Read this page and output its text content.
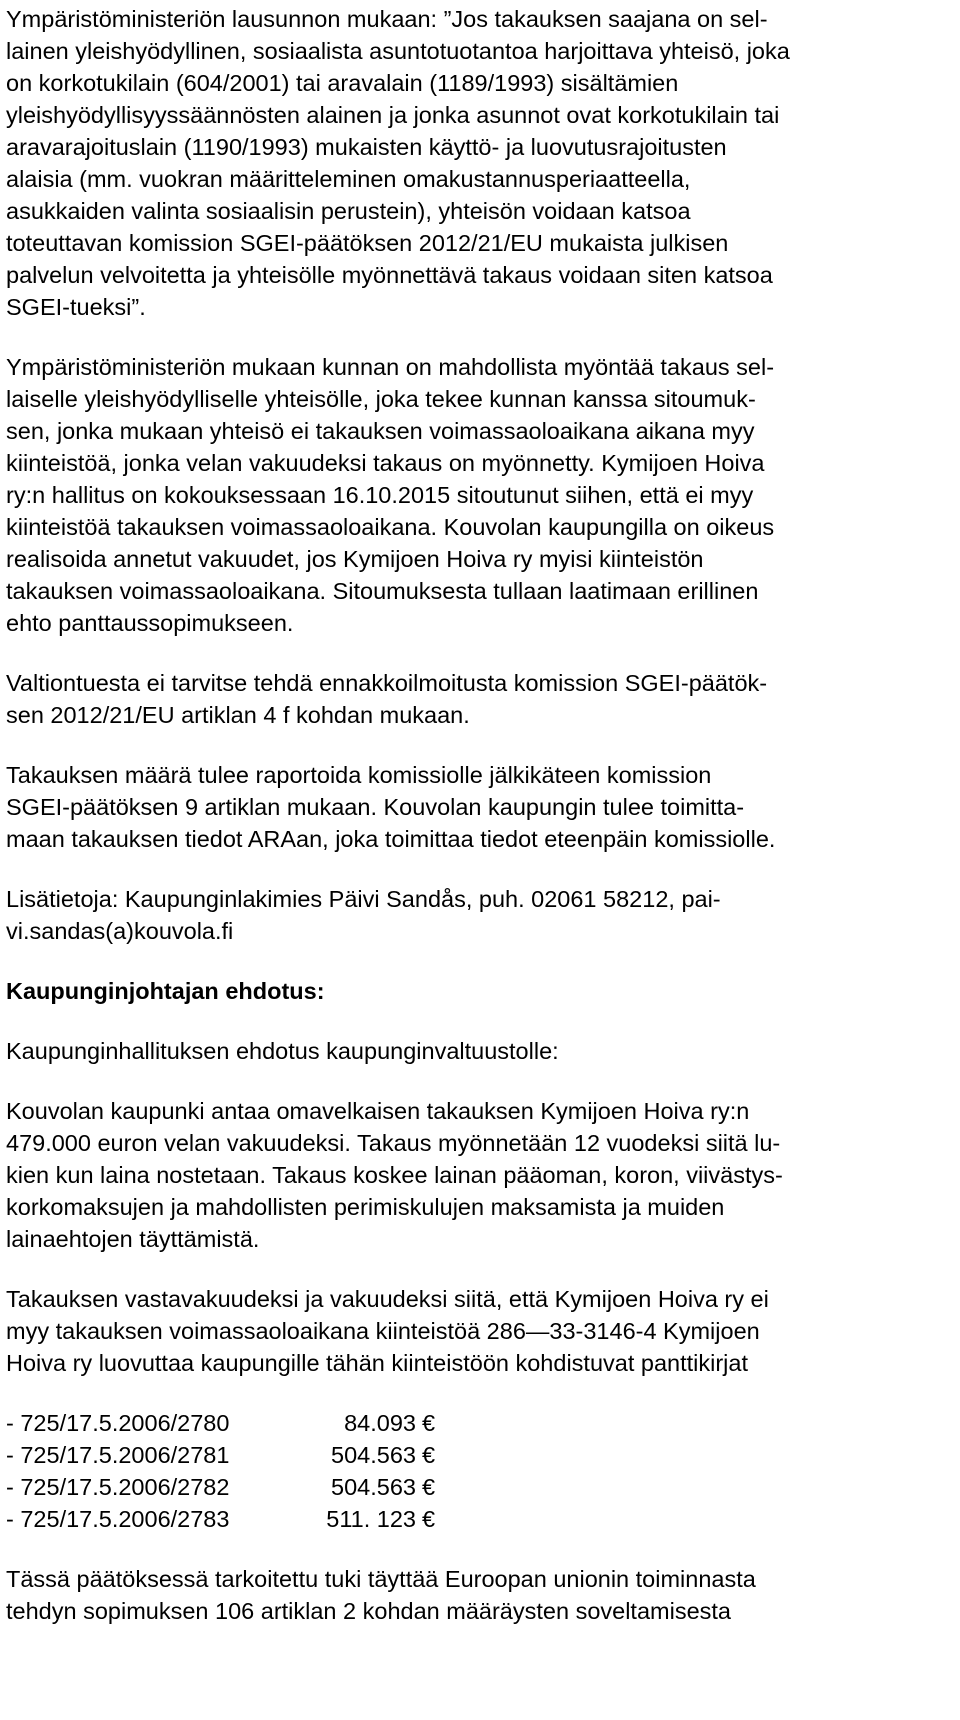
Ympäristöministeriön lausunnon mukaan: ”Jos takauksen saajana on sel-
lainen yleishyödyllinen, sosiaalista asuntotuotantoa harjoittava yhteisö, joka
on korkotukilain (604/2001) tai aravalain (1189/1993) sisältämien
yleishyödyllisyyssäännösten alainen ja jonka asunnot ovat korkotukilain tai
aravarajoituslain (1190/1993) mukaisten käyttö- ja luovutusrajoitusten
alaisia (mm. vuokran määritteleminen omakustannusperiaatteella,
asukkaiden valinta sosiaalisin perustein), yhteisön voidaan katsoa
toteuttavan komission SGEI-päätöksen 2012/21/EU mukaista julkisen
palvelun velvoitetta ja yhteisölle myönnettävä takaus voidaan siten katsoa
SGEI-tueksi”.
Ympäristöministeriön mukaan kunnan on mahdollista myöntää takaus sel-
laiselle yleishyödylliselle yhteisölle, joka tekee kunnan kanssa sitoumuk-
sen, jonka mukaan yhteisö ei takauksen voimassaoloaikana aikana myy
kiinteistöä, jonka velan vakuudeksi takaus on myönnetty. Kymijoen Hoiva
ry:n hallitus on kokouksessaan 16.10.2015 sitoutunut siihen, että ei myy
kiinteistöä takauksen voimassaoloaikana. Kouvolan kaupungilla on oikeus
realisoida annetut vakuudet, jos Kymijoen Hoiva ry myisi kiinteistön
takauksen voimassaoloaikana. Sitoumuksesta tullaan laatimaan erillinen
ehto panttaussopimukseen.
Valtiontuesta ei tarvitse tehdä ennakkoilmoitusta komission SGEI-päätök-
sen 2012/21/EU artiklan 4 f kohdan mukaan.
Takauksen määrä tulee raportoida komissiolle jälkikäteen komission
SGEI-päätöksen 9 artiklan mukaan. Kouvolan kaupungin tulee toimitta-
maan takauksen tiedot ARAan, joka toimittaa tiedot eteenpäin komissiolle.
Lisätietoja: Kaupunginlakimies Päivi Sandås, puh. 02061 58212, pai-
vi.sandas(a)kouvola.fi
Kaupunginjohtajan ehdotus:
Kaupunginhallituksen ehdotus kaupunginvaltuustolle:
Kouvolan kaupunki antaa omavelkaisen takauksen Kymijoen Hoiva ry:n
479.000 euron velan vakuudeksi. Takaus myönnetään 12 vuodeksi siitä lu-
kien kun laina nostetaan. Takaus koskee lainan pääoman, koron, viivästys-
korkomaksujen ja mahdollisten perimiskulujen maksamista ja muiden
lainaehtojen täyttämistä.
Takauksen vastavakuudeksi ja vakuudeksi siitä, että Kymijoen Hoiva ry ei
myy takauksen voimassaoloaikana kiinteistöä 286—33-3146-4 Kymijoen
Hoiva ry luovuttaa kaupungille tähän kiinteistöön kohdistuvat panttikirjat
- 725/17.5.2006/2780	84.093	€
- 725/17.5.2006/2781	504.563	€
- 725/17.5.2006/2782	504.563	€
- 725/17.5.2006/2783	511. 123	€
Tässä päätöksessä tarkoitettu tuki täyttää Euroopan unionin toiminnasta
tehdyn sopimuksen 106 artiklan 2 kohdan määräysten soveltamisesta
